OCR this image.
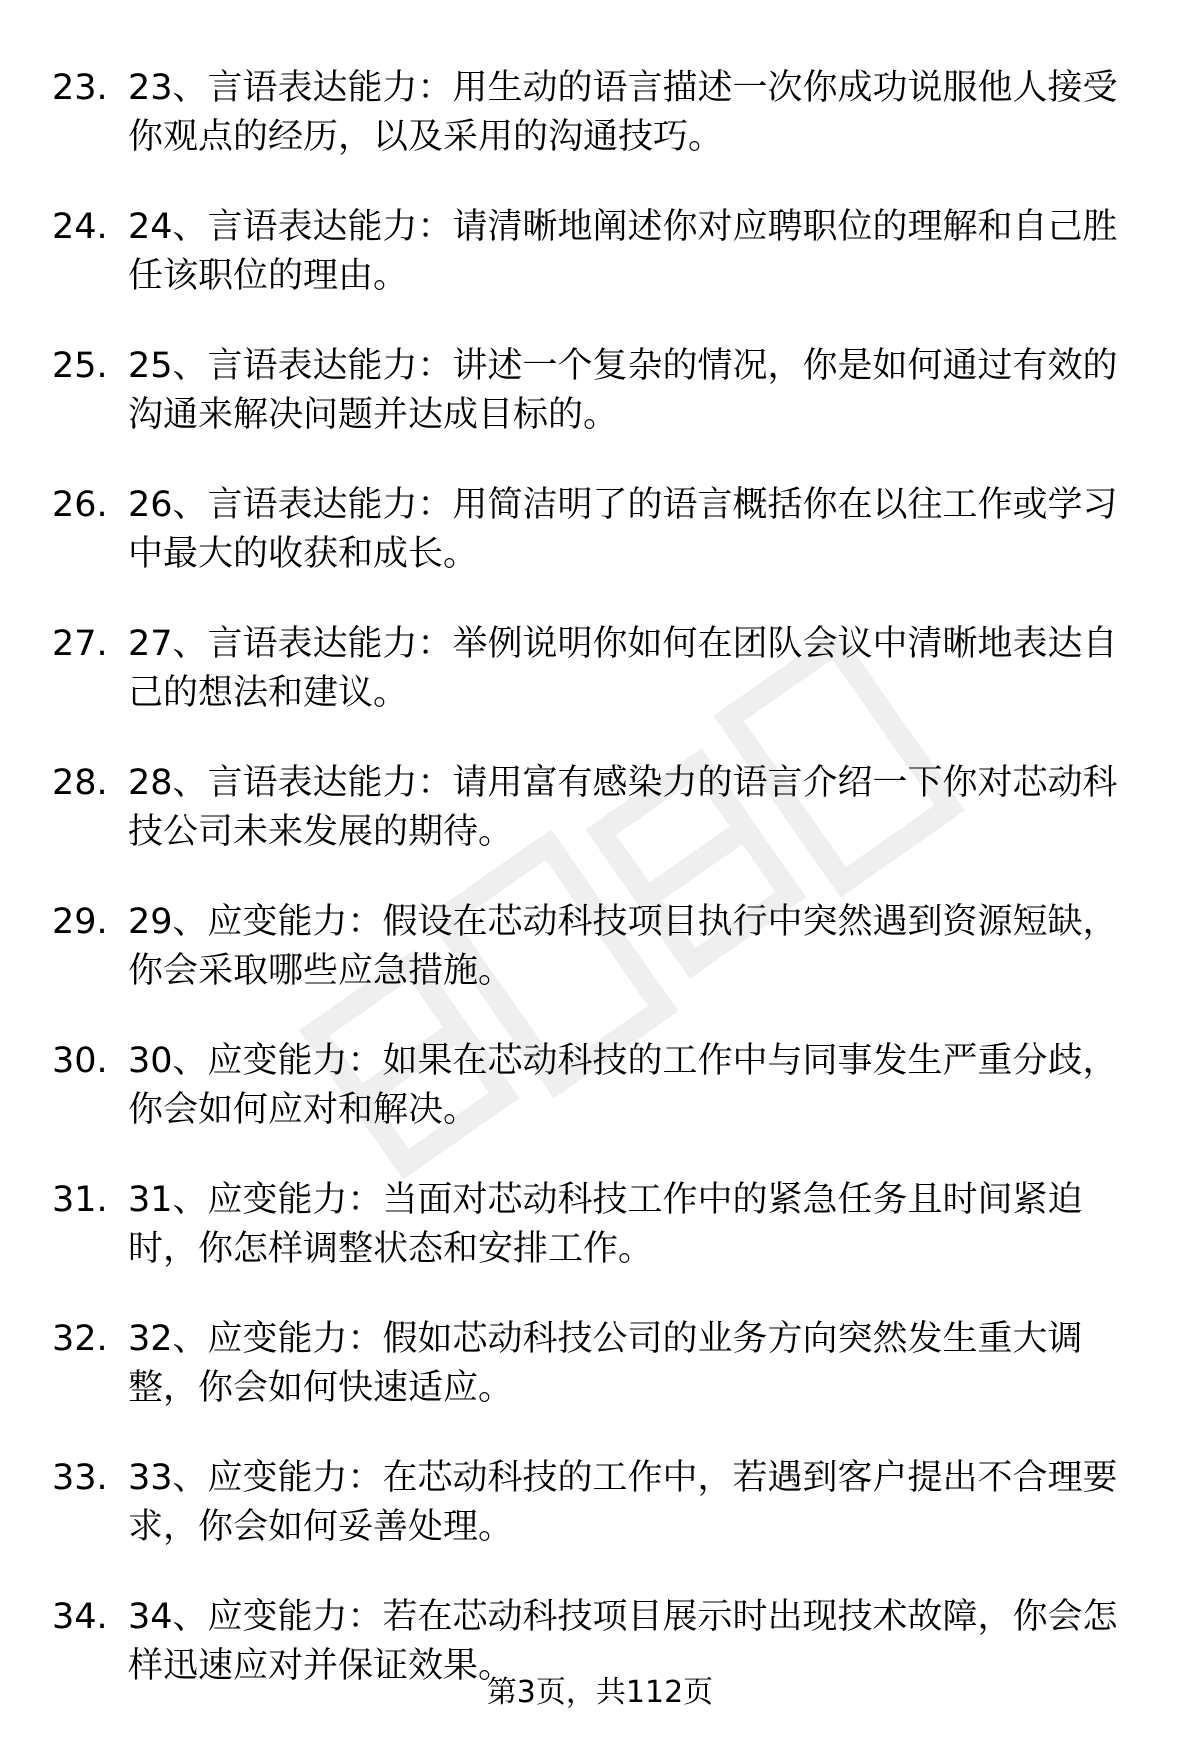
23. 23、言语表达能力：用生动的语言描述一次你成功说服他人接受你观点的经历，以及采用的沟通技巧。
24. 24、言语表达能力：请清晰地阐述你对应聘职位的理解和自己胜任该职位的理由。
25. 25、言语表达能力：讲述一个复杂的情况，你是如何通过有效的沟通来解决问题并达成目标的。
26. 26、言语表达能力：用简洁明了的语言概括你在以往工作或学习中最大的收获和成长。
27. 27、言语表达能力：举例说明你如何在团队会议中清晰地表达自己的想法和建议。
28. 28、言语表达能力：请用富有感染力的语言介绍一下你对芯动科技公司未来发展的期待。
29. 29、应变能力：假设在芯动科技项目执行中突然遇到资源短缺，你会采取哪些应急措施。
30. 30、应变能力：如果在芯动科技的工作中与同事发生严重分歧，你会如何应对和解决。
31. 31、应变能力：当面对芯动科技工作中的紧急任务且时间紧迫时，你怎样调整状态和安排工作。
32. 32、应变能力：假如芯动科技公司的业务方向突然发生重大调整，你会如何快速适应。
33. 33、应变能力：在芯动科技的工作中，若遇到客户提出不合理要求，你会如何妥善处理。
34. 34、应变能力：若在芯动科技项目展示时出现技术故障，你会怎样迅速应对并保证效果。
第3页，共112页
